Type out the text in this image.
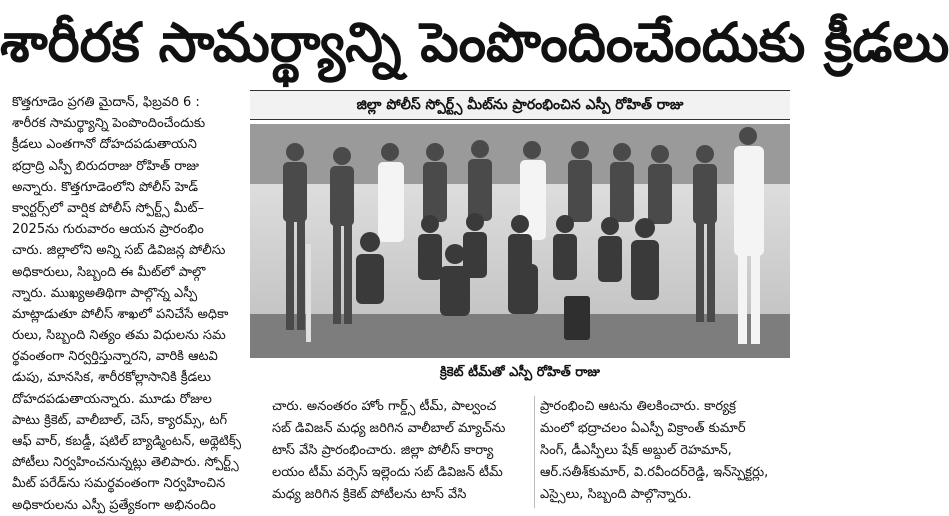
శారీరక సామర్థ్యాన్ని పెంపొందించేందుకు క్రీడలు
కొత్తగూడెం ప్రగతి మైదాన్, ఫిబ్రవరి 6 :
శారీరక సామర్థ్యాన్ని పెంపొందించేందుకు
క్రీడలు ఎంతగానో దోహదపడుతాయని
భద్రాద్రి ఎస్పీ బిరుదరాజు రోహిత్ రాజు
అన్నారు. కొత్తగూడెంలోని పోలీస్ హెడ్
క్వార్టర్స్‌లో వార్షిక పోలీస్ స్పోర్ట్స్ మీట్–
2025ను గురువారం ఆయన ప్రారంభిం
చారు. జిల్లాలోని అన్ని సబ్ డివిజన్ల పోలీసు
అధికారులు, సిబ్బంది ఈ మీట్‌లో పాల్గొ
న్నారు. ముఖ్యఅతిథిగా పాల్గొన్న ఎస్పీ
మాట్లాడుతూ పోలీస్ శాఖలో పనిచేసే అధికా
రులు, సిబ్బంది నిత్యం తమ విధులను సమ
ర్థవంతంగా నిర్వర్తిస్తున్నారని, వారికి ఆటవి
డుపు, మానసిక, శారీరకోల్లాసానికి క్రీడలు
దోహదపడుతాయన్నారు. మూడు రోజుల
పాటు క్రికెట్, వాలీబాల్, చెస్, క్యారమ్స్, టగ్
ఆఫ్ వార్, కబడ్డీ, షటిల్ బ్యాడ్మింటన్, అథ్లెటిక్స్
పోటీలు నిర్వహించనున్నట్లు తెలిపారు. స్పోర్ట్స్
మీట్ పరేడ్‌ను సమర్థవంతంగా నిర్వహించిన
అధికారులను ఎస్పీ ప్రత్యేకంగా అభినందిం
జిల్లా పోలీస్ స్పోర్ట్స్ మీట్‌ను ప్రారంభించిన ఎస్పీ రోహిత్ రాజు
క్రికెట్ టీమ్‌తో ఎస్పీ రోహిత్ రాజు
చారు. అనంతరం హోం గార్డ్స్ టీమ్, పాల్వంచ
సబ్ డివిజన్ మధ్య జరిగిన వాలీబాల్ మ్యాచ్‌ను
టాస్ వేసి ప్రారంభించారు. జిల్లా పోలీస్ కార్యా
లయం టీమ్ వర్సెస్ ఇల్లెందు సబ్ డివిజన్ టీమ్
మధ్య జరిగిన క్రికెట్ పోటీలను టాస్ వేసి
ప్రారంభించి ఆటను తిలకించారు. కార్యక్ర
మంలో భద్రాచలం ఏఎస్పీ విక్రాంత్ కుమార్
సింగ్, డీఎస్పీలు షేక్ అబ్దుల్ రెహమాన్,
ఆర్.సతీశ్‌కుమార్, వి.రవీందర్‌రెడ్డి, ఇన్‌స్పెక్టర్లు,
ఎస్సైలు, సిబ్బంది పాల్గొన్నారు.
